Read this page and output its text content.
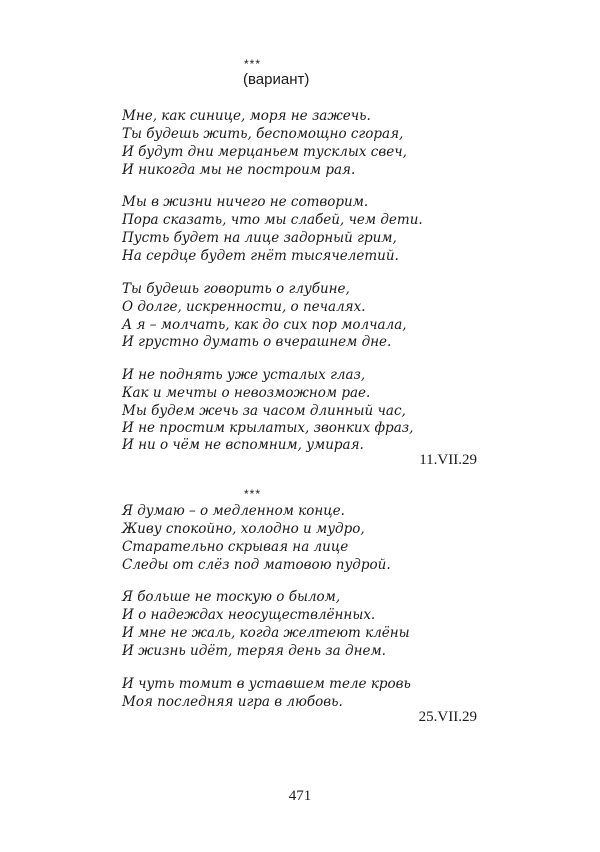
***
(вариант)
Мне, как синице, моря не зажечь.
Ты будешь жить, беспомощно сгорая,
И будут дни мерцаньем тусклых свеч,
И никогда мы не построим рая.
Мы в жизни ничего не сотворим.
Пора сказать, что мы слабей, чем дети.
Пусть будет на лице задорный грим,
На сердце будет гнёт тысячелетий.
Ты будешь говорить о глубине,
О долге, искренности, о печалях.
А я – молчать, как до сих пор молчала,
И грустно думать о вчерашнем дне.
И не поднять уже усталых глаз,
Как и мечты о невозможном рае.
Мы будем жечь за часом длинный час,
И не простим крылатых, звонких фраз,
И ни о чём не вспомним, умирая.
11.VII.29
***
Я думаю – о медленном конце.
Живу спокойно, холодно и мудро,
Старательно скрывая на лице
Следы от слёз под матовою пудрой.
Я больше не тоскую о былом,
И о надеждах неосуществлённых.
И мне не жаль, когда желтеют клёны
И жизнь идёт, теряя день за днем.
И чуть томит в уставшем теле кровь
Моя последняя игра в любовь.
25.VII.29
471
